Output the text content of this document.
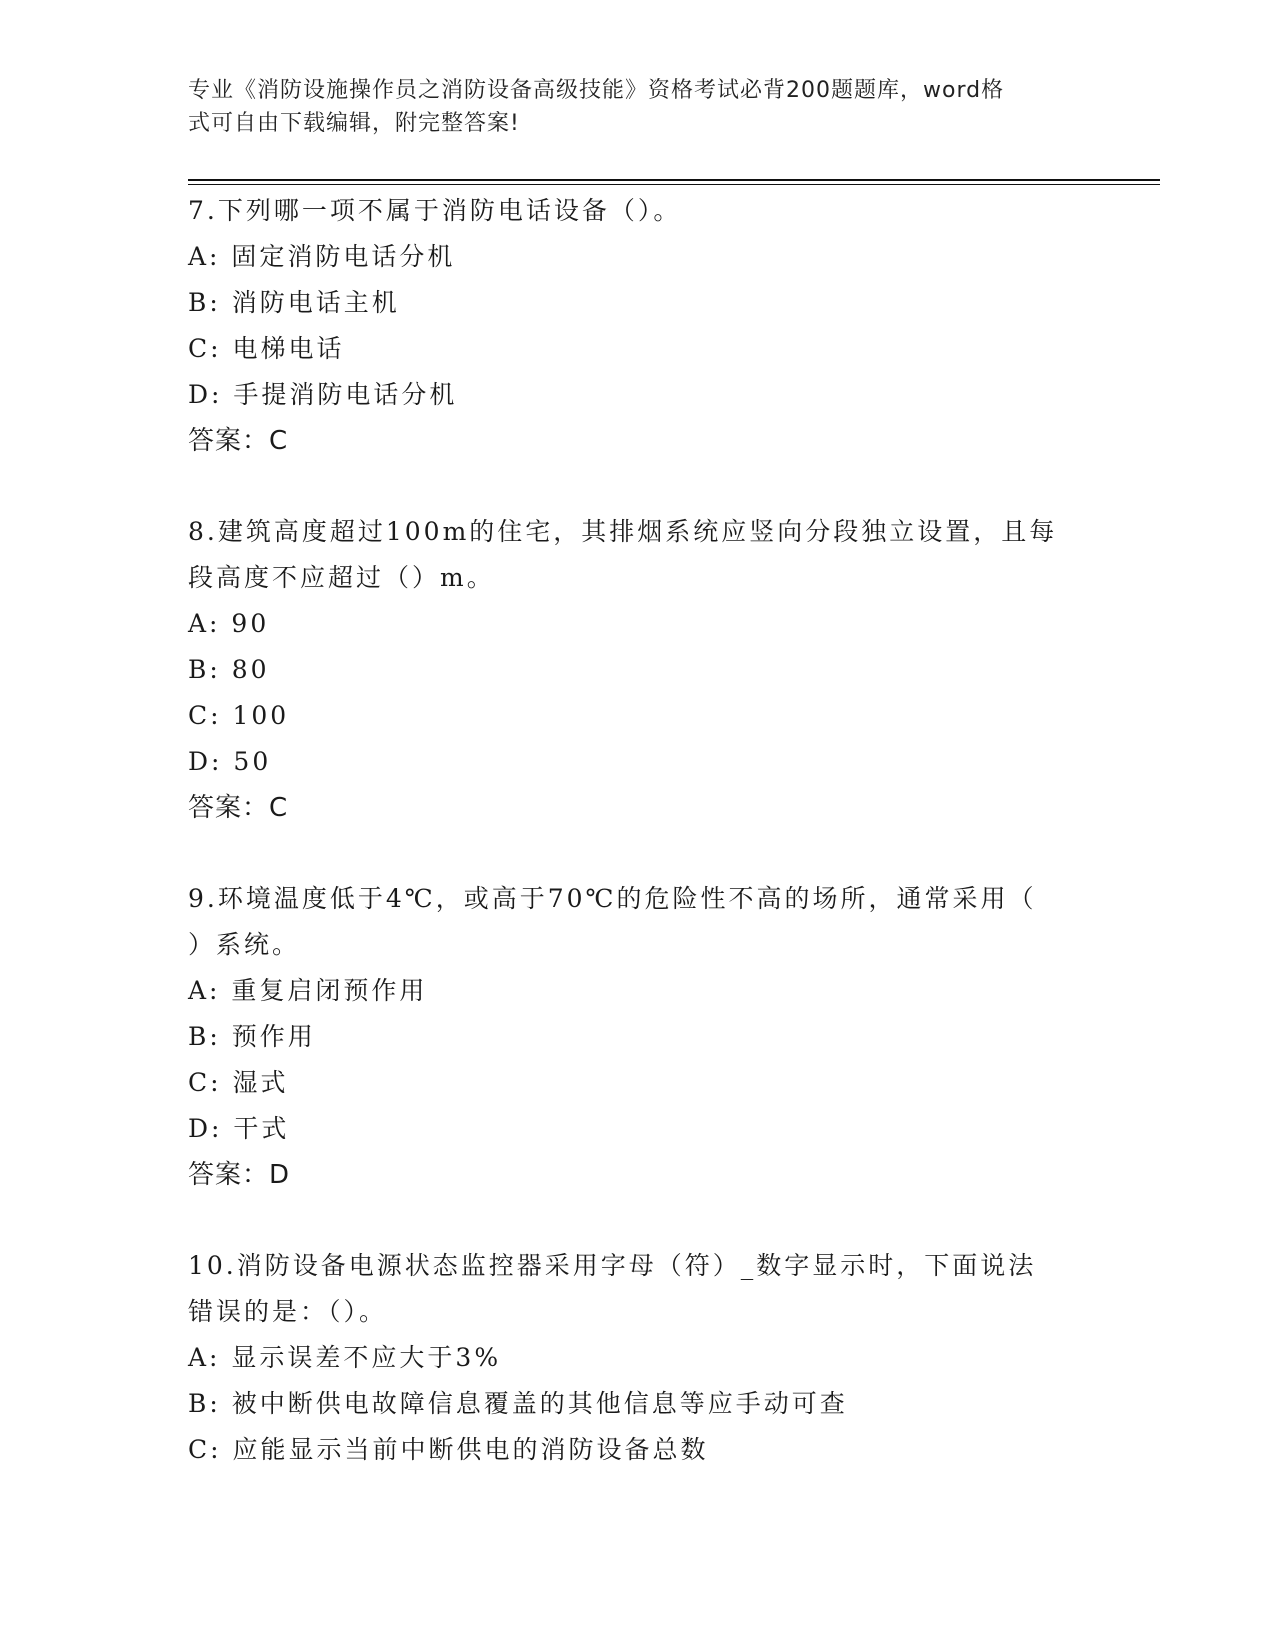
专业《消防设施操作员之消防设备高级技能》资格考试必背200题题库，word格
式可自由下载编辑，附完整答案!
7.下列哪一项不属于消防电话设备（）。
A: 固定消防电话分机
B: 消防电话主机
C: 电梯电话
D: 手提消防电话分机
答案：C
8.建筑高度超过100m的住宅，其排烟系统应竖向分段独立设置，且每
段高度不应超过（）m。
A: 90
B: 80
C: 100
D: 50
答案：C
9.环境温度低于4℃，或高于70℃的危险性不高的场所，通常采用（
）系统。
A: 重复启闭预作用
B: 预作用
C: 湿式
D: 干式
答案：D
10.消防设备电源状态监控器采用字母（符）_数字显示时，下面说法
错误的是：（）。
A: 显示误差不应大于3%
B: 被中断供电故障信息覆盖的其他信息等应手动可查
C: 应能显示当前中断供电的消防设备总数
